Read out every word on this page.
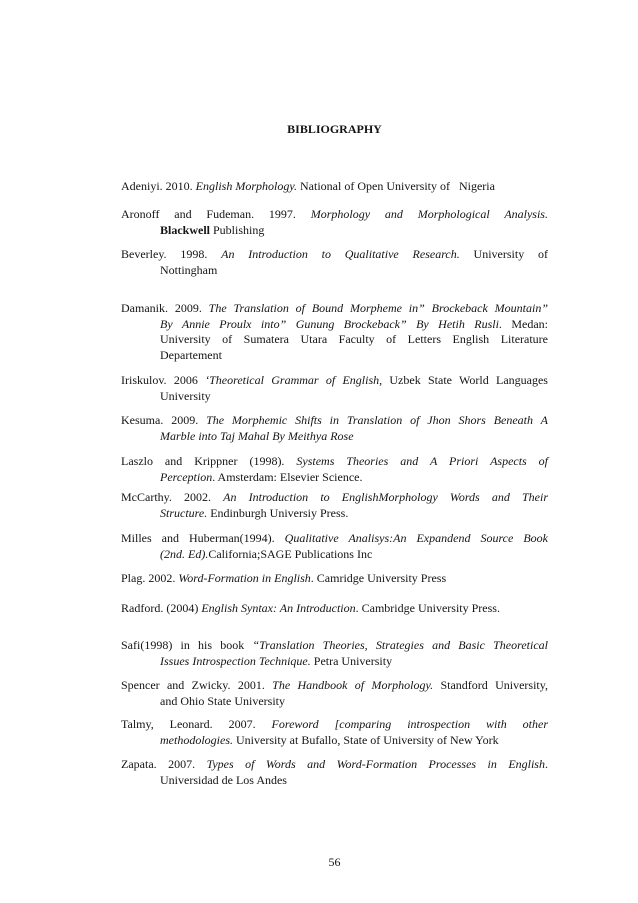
BIBLIOGRAPHY
Adeniyi. 2010. English Morphology. National of Open University of   Nigeria
Aronoff and Fudeman. 1997. Morphology and Morphological Analysis.
Blackwell Publishing
Beverley. 1998. An Introduction to Qualitative Research. University of
Nottingham
Damanik. 2009. The Translation of Bound Morpheme in” Brockeback Mountain”
By Annie Proulx into” Gunung Brockeback” By Hetih Rusli. Medan:
University of Sumatera Utara Faculty of Letters English Literature
Departement
Iriskulov. 2006 ‘Theoretical Grammar of English, Uzbek State World Languages
University
Kesuma. 2009. The Morphemic Shifts in Translation of Jhon Shors Beneath A
Marble into Taj Mahal By Meithya Rose
Laszlo and Krippner (1998). Systems Theories and A Priori Aspects of
Perception. Amsterdam: Elsevier Science.
McCarthy. 2002. An Introduction to EnglishMorphology Words and Their
Structure. Endinburgh Universiy Press.
Milles and Huberman(1994). Qualitative Analisys:An Expandend Source Book
(2nd. Ed).California;SAGE Publications Inc
Plag. 2002. Word-Formation in English. Camridge University Press
Radford. (2004) English Syntax: An Introduction. Cambridge University Press.
Safi(1998) in his book “Translation Theories, Strategies and Basic Theoretical
Issues Introspection Technique. Petra University
Spencer and Zwicky. 2001. The Handbook of Morphology. Standford University,
and Ohio State University
Talmy, Leonard. 2007. Foreword [comparing introspection with other
methodologies. University at Bufallo, State of University of New York
Zapata. 2007. Types of Words and Word-Formation Processes in English.
Universidad de Los Andes
56
